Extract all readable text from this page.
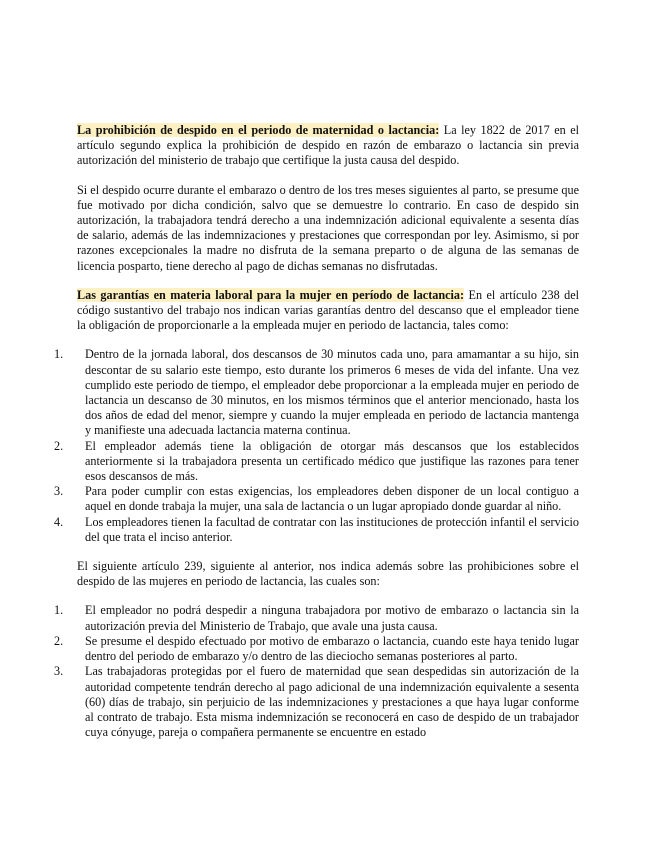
La prohibición de despido en el periodo de maternidad o lactancia: La ley 1822 de 2017 en el artículo segundo explica la prohibición de despido en razón de embarazo o lactancia sin previa autorización del ministerio de trabajo que certifique la justa causa del despido.

Si el despido ocurre durante el embarazo o dentro de los tres meses siguientes al parto, se presume que fue motivado por dicha condición, salvo que se demuestre lo contrario. En caso de despido sin autorización, la trabajadora tendrá derecho a una indemnización adicional equivalente a sesenta días de salario, además de las indemnizaciones y prestaciones que correspondan por ley. Asimismo, si por razones excepcionales la madre no disfruta de la semana preparto o de alguna de las semanas de licencia posparto, tiene derecho al pago de dichas semanas no disfrutadas.

Las garantías en materia laboral para la mujer en período de lactancia: En el artículo 238 del código sustantivo del trabajo nos indican varias garantías dentro del descanso que el empleador tiene la obligación de proporcionarle a la empleada mujer en periodo de lactancia, tales como:

1. Dentro de la jornada laboral, dos descansos de 30 minutos cada uno, para amamantar a su hijo, sin descontar de su salario este tiempo, esto durante los primeros 6 meses de vida del infante. Una vez cumplido este periodo de tiempo, el empleador debe proporcionar a la empleada mujer en periodo de lactancia un descanso de 30 minutos, en los mismos términos que el anterior mencionado, hasta los dos años de edad del menor, siempre y cuando la mujer empleada en periodo de lactancia mantenga y manifieste una adecuada lactancia materna continua.
2. El empleador además tiene la obligación de otorgar más descansos que los establecidos anteriormente si la trabajadora presenta un certificado médico que justifique las razones para tener esos descansos de más.
3. Para poder cumplir con estas exigencias, los empleadores deben disponer de un local contiguo a aquel en donde trabaja la mujer, una sala de lactancia o un lugar apropiado donde guardar al niño.
4. Los empleadores tienen la facultad de contratar con las instituciones de protección infantil el servicio del que trata el inciso anterior.

El siguiente artículo 239, siguiente al anterior, nos indica además sobre las prohibiciones sobre el despido de las mujeres en periodo de lactancia, las cuales son:

1. El empleador no podrá despedir a ninguna trabajadora por motivo de embarazo o lactancia sin la autorización previa del Ministerio de Trabajo, que avale una justa causa.
2. Se presume el despido efectuado por motivo de embarazo o lactancia, cuando este haya tenido lugar dentro del periodo de embarazo y/o dentro de las dieciocho semanas posteriores al parto.
3. Las trabajadoras protegidas por el fuero de maternidad que sean despedidas sin autorización de la autoridad competente tendrán derecho al pago adicional de una indemnización equivalente a sesenta (60) días de trabajo, sin perjuicio de las indemnizaciones y prestaciones a que haya lugar conforme al contrato de trabajo. Esta misma indemnización se reconocerá en caso de despido de un trabajador cuya cónyuge, pareja o compañera permanente se encuentre en estado
